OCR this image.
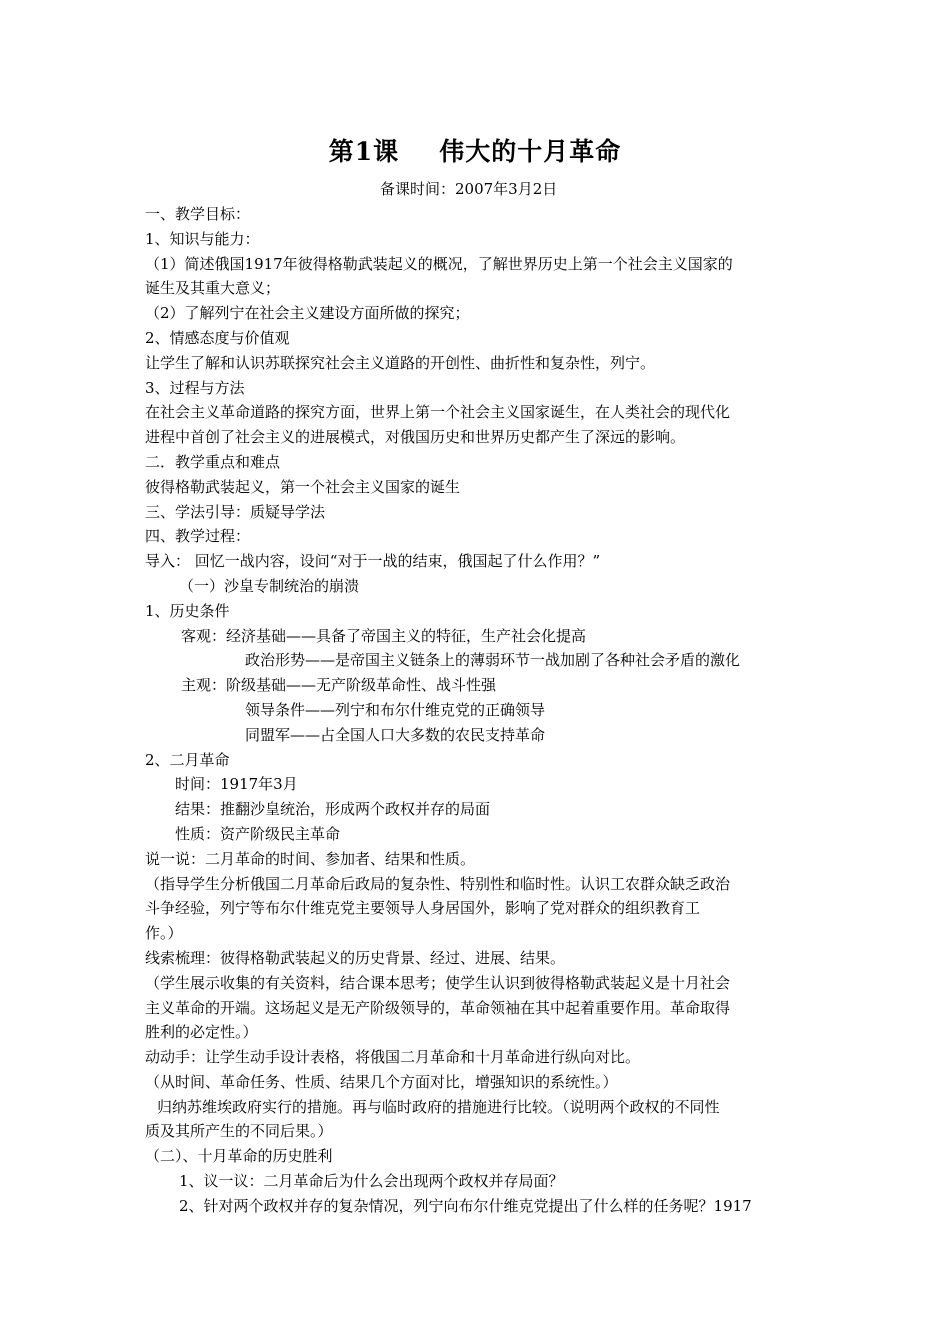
第1课 伟大的十月革命
备课时间：2007年3月2日
一、教学目标：
1、知识与能力：
（1）简述俄国1917年彼得格勒武装起义的概况，了解世界历史上第一个社会主义国家的
诞生及其重大意义；
（2）了解列宁在社会主义建设方面所做的探究；
2、情感态度与价值观
让学生了解和认识苏联探究社会主义道路的开创性、曲折性和复杂性，列宁。
3、过程与方法
在社会主义革命道路的探究方面，世界上第一个社会主义国家诞生，在人类社会的现代化
进程中首创了社会主义的进展模式，对俄国历史和世界历史都产生了深远的影响。
二．教学重点和难点
彼得格勒武装起义，第一个社会主义国家的诞生
三、学法引导：质疑导学法
四、教学过程：
导入： 回忆一战内容，设问“对于一战的结束，俄国起了什么作用？”
（一）沙皇专制统治的崩溃
1、历史条件
客观：经济基础——具备了帝国主义的特征，生产社会化提高
政治形势——是帝国主义链条上的薄弱环节一战加剧了各种社会矛盾的激化
主观：阶级基础——无产阶级革命性、战斗性强
领导条件——列宁和布尔什维克党的正确领导
同盟军——占全国人口大多数的农民支持革命
2、二月革命
时间：1917年3月
结果：推翻沙皇统治，形成两个政权并存的局面
性质：资产阶级民主革命
说一说：二月革命的时间、参加者、结果和性质。
（指导学生分析俄国二月革命后政局的复杂性、特别性和临时性。认识工农群众缺乏政治
斗争经验，列宁等布尔什维克党主要领导人身居国外，影响了党对群众的组织教育工
作。）
线索梳理：彼得格勒武装起义的历史背景、经过、进展、结果。
（学生展示收集的有关资料，结合课本思考；使学生认识到彼得格勒武装起义是十月社会
主义革命的开端。这场起义是无产阶级领导的，革命领袖在其中起着重要作用。革命取得
胜利的必定性。）
动动手：让学生动手设计表格，将俄国二月革命和十月革命进行纵向对比。
（从时间、革命任务、性质、结果几个方面对比，增强知识的系统性。）
归纳苏维埃政府实行的措施。再与临时政府的措施进行比较。（说明两个政权的不同性
质及其所产生的不同后果。）
（二）、十月革命的历史胜利
1、议一议：二月革命后为什么会出现两个政权并存局面？
2、针对两个政权并存的复杂情况，列宁向布尔什维克党提出了什么样的任务呢？1917
